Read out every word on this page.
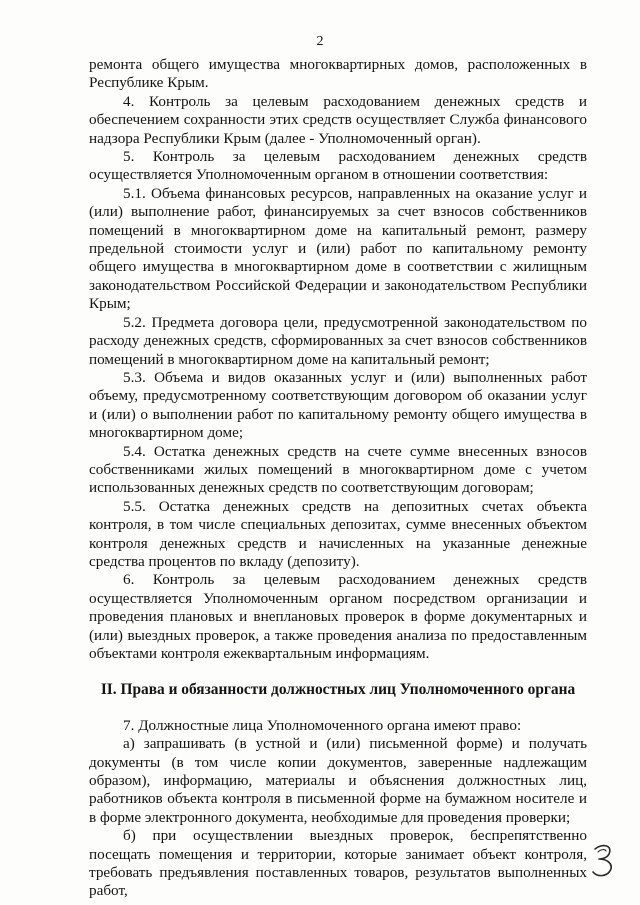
2

ремонта общего имущества многоквартирных домов, расположенных в Республике Крым.

4. Контроль за целевым расходованием денежных средств и обеспечением сохранности этих средств осуществляет Служба финансового надзора Республики Крым (далее - Уполномоченный орган).

5. Контроль за целевым расходованием денежных средств осуществляется Уполномоченным органом в отношении соответствия:

5.1. Объема финансовых ресурсов, направленных на оказание услуг и (или) выполнение работ, финансируемых за счет взносов собственников помещений в многоквартирном доме на капитальный ремонт, размеру предельной стоимости услуг и (или) работ по капитальному ремонту общего имущества в многоквартирном доме в соответствии с жилищным законодательством Российской Федерации и законодательством Республики Крым;

5.2. Предмета договора цели, предусмотренной законодательством по расходу денежных средств, сформированных за счет взносов собственников помещений в многоквартирном доме на капитальный ремонт;

5.3. Объема и видов оказанных услуг и (или) выполненных работ объему, предусмотренному соответствующим договором об оказании услуг и (или) о выполнении работ по капитальному ремонту общего имущества в многоквартирном доме;

5.4. Остатка денежных средств на счете сумме внесенных взносов собственниками жилых помещений в многоквартирном доме с учетом использованных денежных средств по соответствующим договорам;

5.5. Остатка денежных средств на депозитных счетах объекта контроля, в том числе специальных депозитах, сумме внесенных объектом контроля денежных средств и начисленных на указанные денежные средства процентов по вкладу (депозиту).

6. Контроль за целевым расходованием денежных средств осуществляется Уполномоченным органом посредством организации и проведения плановых и внеплановых проверок в форме документарных и (или) выездных проверок, а также проведения анализа по предоставленным объектами контроля ежеквартальным информациям.

II. Права и обязанности должностных лиц Уполномоченного органа

7. Должностные лица Уполномоченного органа имеют право:

а) запрашивать (в устной и (или) письменной форме) и получать документы (в том числе копии документов, заверенные надлежащим образом), информацию, материалы и объяснения должностных лиц, работников объекта контроля в письменной форме на бумажном носителе и в форме электронного документа, необходимые для проведения проверки;

б) при осуществлении выездных проверок, беспрепятственно посещать помещения и территории, которые занимает объект контроля, требовать предъявления поставленных товаров, результатов выполненных работ,
